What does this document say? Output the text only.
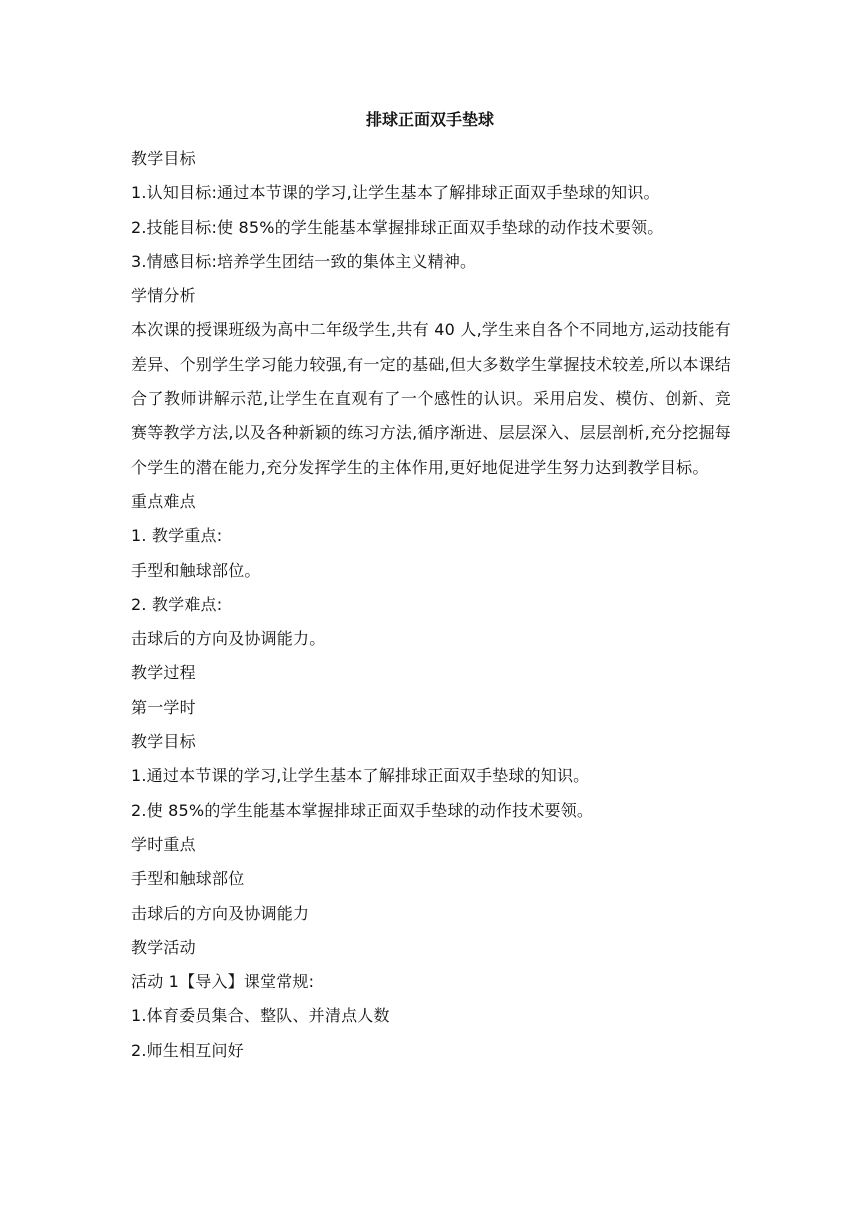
排球正面双手垫球
教学目标
1.认知目标:通过本节课的学习,让学生基本了解排球正面双手垫球的知识。
2.技能目标:使 85%的学生能基本掌握排球正面双手垫球的动作技术要领。
3.情感目标:培养学生团结一致的集体主义精神。
学情分析
本次课的授课班级为高中二年级学生,共有 40 人,学生来自各个不同地方,运动技能有差异、个别学生学习能力较强,有一定的基础,但大多数学生掌握技术较差,所以本课结合了教师讲解示范,让学生在直观有了一个感性的认识。采用启发、模仿、创新、竞赛等教学方法,以及各种新颖的练习方法,循序渐进、层层深入、层层剖析,充分挖掘每个学生的潜在能力,充分发挥学生的主体作用,更好地促进学生努力达到教学目标。
重点难点
1. 教学重点:
手型和触球部位。
2. 教学难点:
击球后的方向及协调能力。
教学过程
第一学时
教学目标
1.通过本节课的学习,让学生基本了解排球正面双手垫球的知识。
2.使 85%的学生能基本掌握排球正面双手垫球的动作技术要领。
学时重点
手型和触球部位
击球后的方向及协调能力
教学活动
活动 1【导入】课堂常规:
1.体育委员集合、整队、并清点人数
2.师生相互问好
